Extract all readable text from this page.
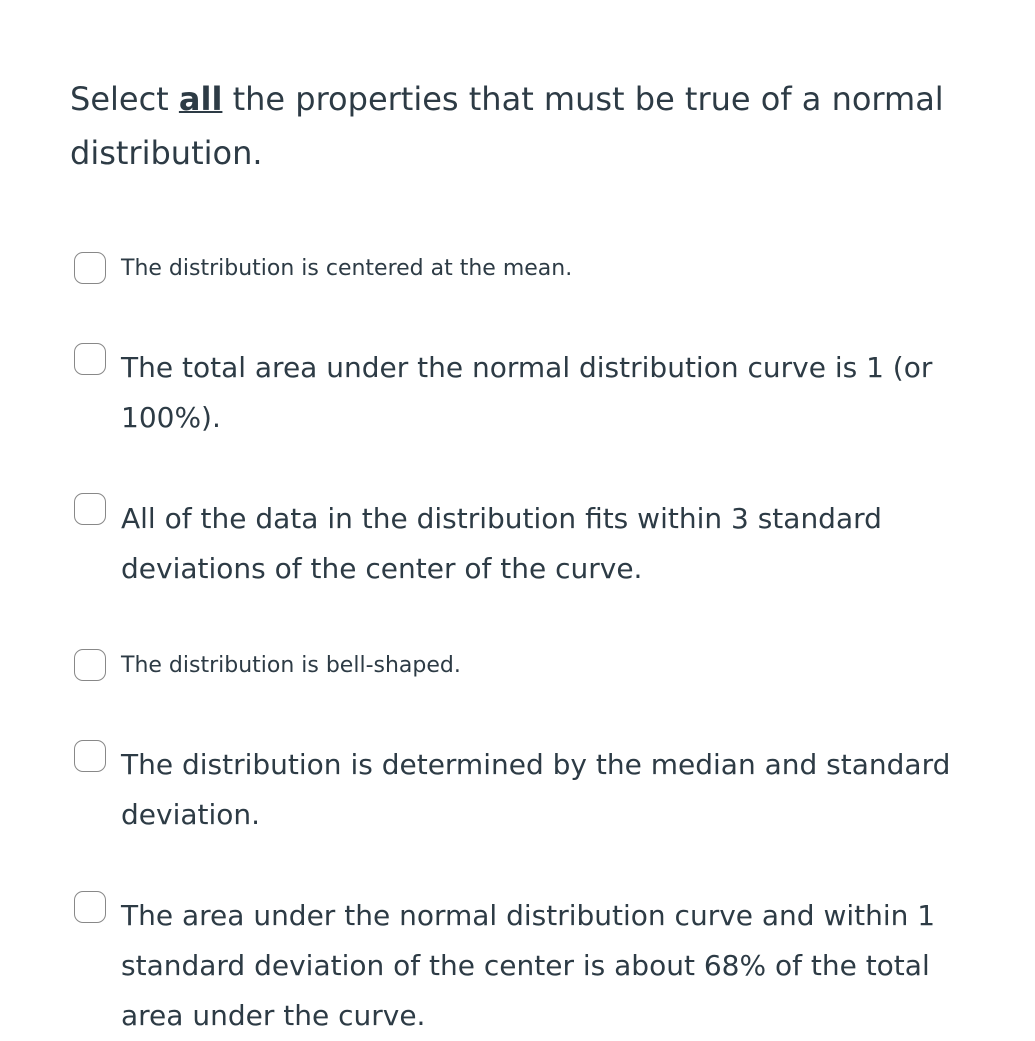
Select all the properties that must be true of a normal distribution.
The distribution is centered at the mean.
The total area under the normal distribution curve is 1 (or 100%).
All of the data in the distribution fits within 3 standard deviations of the center of the curve.
The distribution is bell-shaped.
The distribution is determined by the median and standard deviation.
The area under the normal distribution curve and within 1 standard deviation of the center is about 68% of the total area under the curve.
